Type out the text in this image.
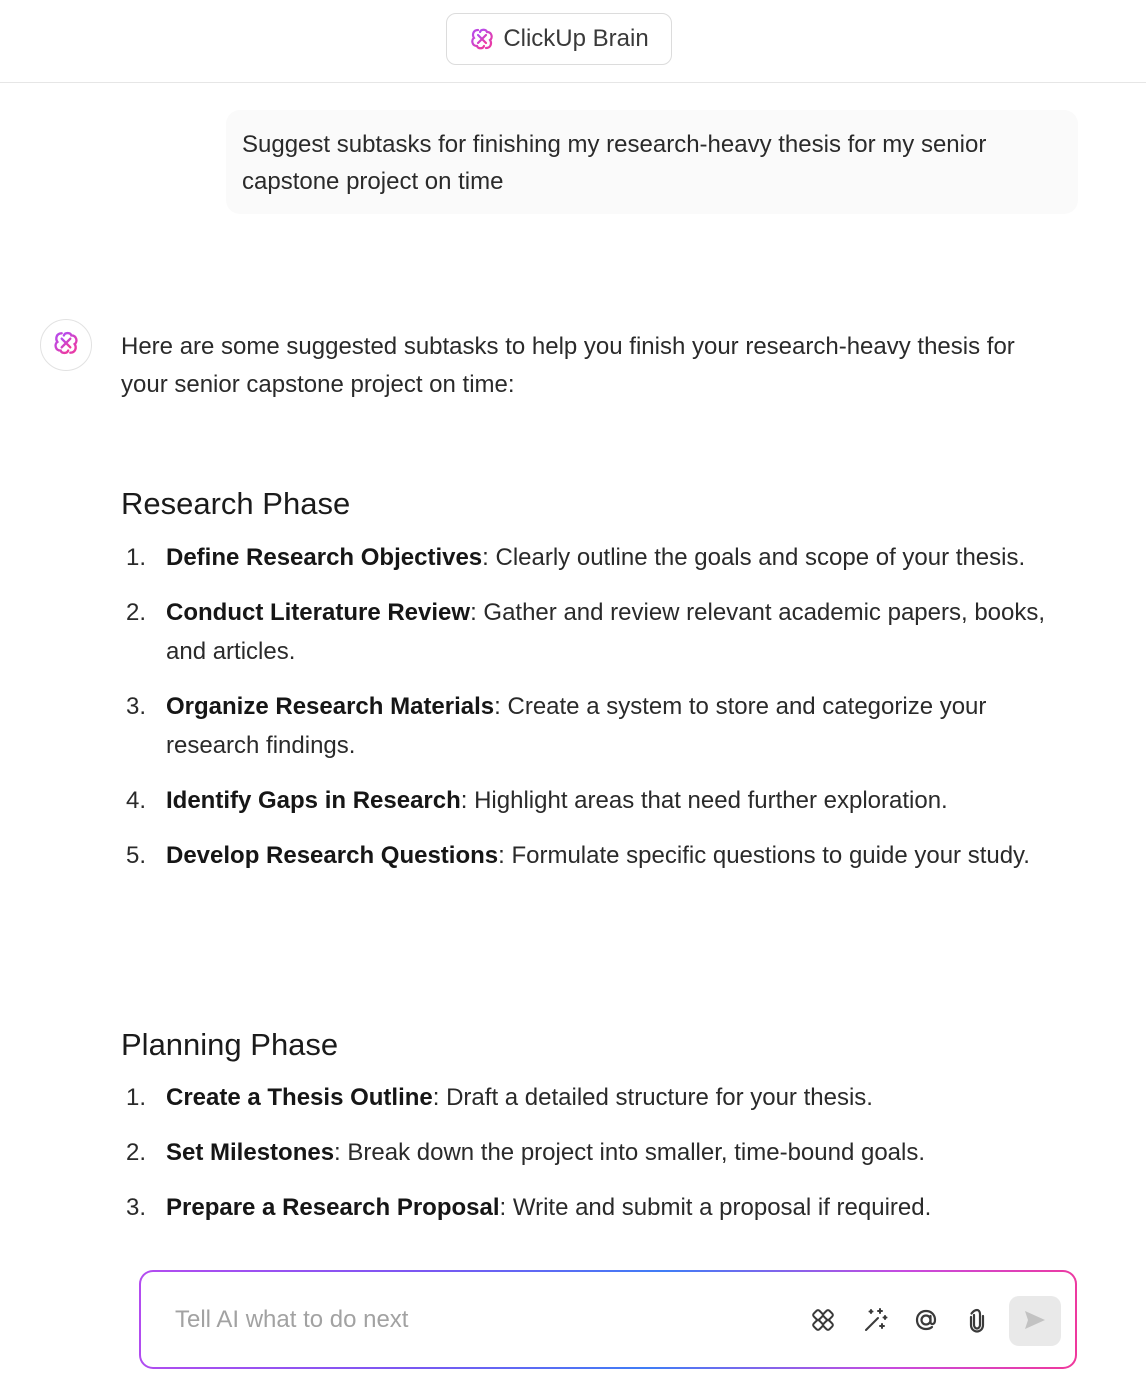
ClickUp Brain
Suggest subtasks for finishing my research-heavy thesis for my senior capstone project on time
Here are some suggested subtasks to help you finish your research-heavy thesis for your senior capstone project on time:
Research Phase
1. Define Research Objectives: Clearly outline the goals and scope of your thesis.
2. Conduct Literature Review: Gather and review relevant academic papers, books, and articles.
3. Organize Research Materials: Create a system to store and categorize your research findings.
4. Identify Gaps in Research: Highlight areas that need further exploration.
5. Develop Research Questions: Formulate specific questions to guide your study.
Planning Phase
1. Create a Thesis Outline: Draft a detailed structure for your thesis.
2. Set Milestones: Break down the project into smaller, time-bound goals.
3. Prepare a Research Proposal: Write and submit a proposal if required.
Tell AI what to do next
